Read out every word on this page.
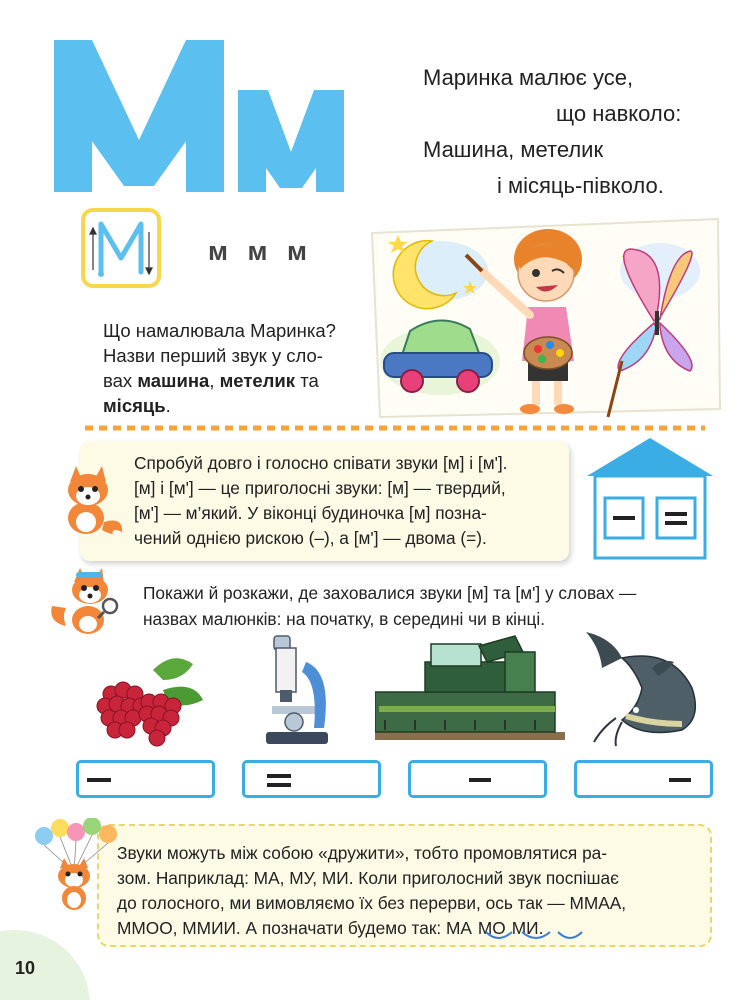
Маринка малює усе,
що навколо:
Машина, метелик
і місяць-півколо.
м м м
Що намалювала Маринка?
Назви перший звук у сло-
вах машина, метелик та
місяць.
Спробуй довго і голосно співати звуки [м] і [м'].
[м] і [м'] — це приголосні звуки: [м] — твердий,
[м'] — м’який. У віконці будиночка [м] позна-
чений однією рискою (–), а [м'] — двома (=).
Покажи й розкажи, де заховалися звуки [м] та [м'] у словах —
назвах малюнків: на початку, в середині чи в кінці.
Звуки можуть між собою «дружити», тобто промовлятися ра-
зом. Наприклад: МА, МУ, МИ. Коли приголосний звук поспішає
до голосного, ми вимовляємо їх без перерви, ось так — ММАА,
ММОО, ММИИ. А позначати будемо так: МА МО МИ.
10
